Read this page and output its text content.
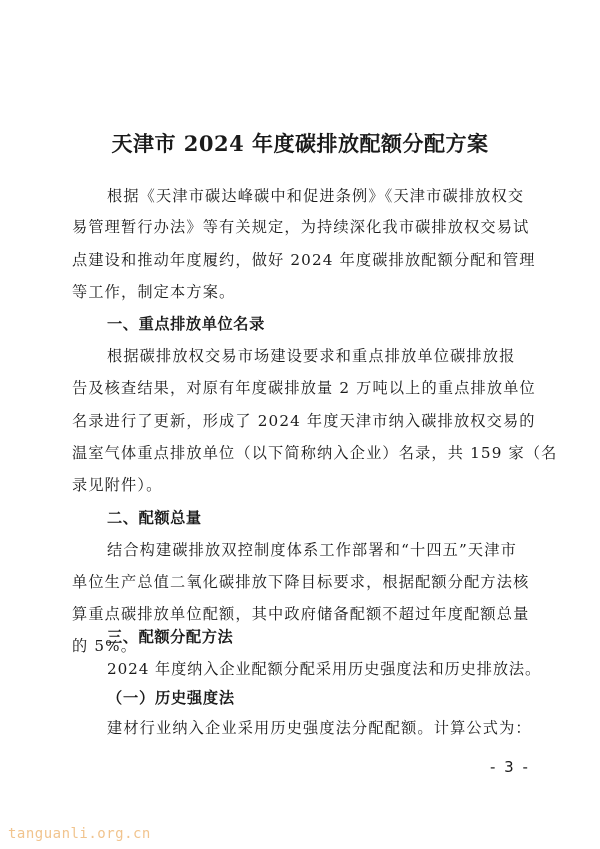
天津市 2024 年度碳排放配额分配方案
根据《天津市碳达峰碳中和促进条例》《天津市碳排放权交
易管理暂行办法》等有关规定，为持续深化我市碳排放权交易试
点建设和推动年度履约，做好 2024 年度碳排放配额分配和管理
等工作，制定本方案。
一、重点排放单位名录
根据碳排放权交易市场建设要求和重点排放单位碳排放报
告及核查结果，对原有年度碳排放量 2 万吨以上的重点排放单位
名录进行了更新，形成了 2024 年度天津市纳入碳排放权交易的
温室气体重点排放单位（以下简称纳入企业）名录，共 159 家（名
录见附件）。
二、配额总量
结合构建碳排放双控制度体系工作部署和“十四五”天津市
单位生产总值二氧化碳排放下降目标要求，根据配额分配方法核
算重点碳排放单位配额，其中政府储备配额不超过年度配额总量
的 5%。
三、配额分配方法
2024 年度纳入企业配额分配采用历史强度法和历史排放法。
（一）历史强度法
- 3 -
tanguanli.org.cn
建材行业纳入企业采用历史强度法分配配额。计算公式为：
